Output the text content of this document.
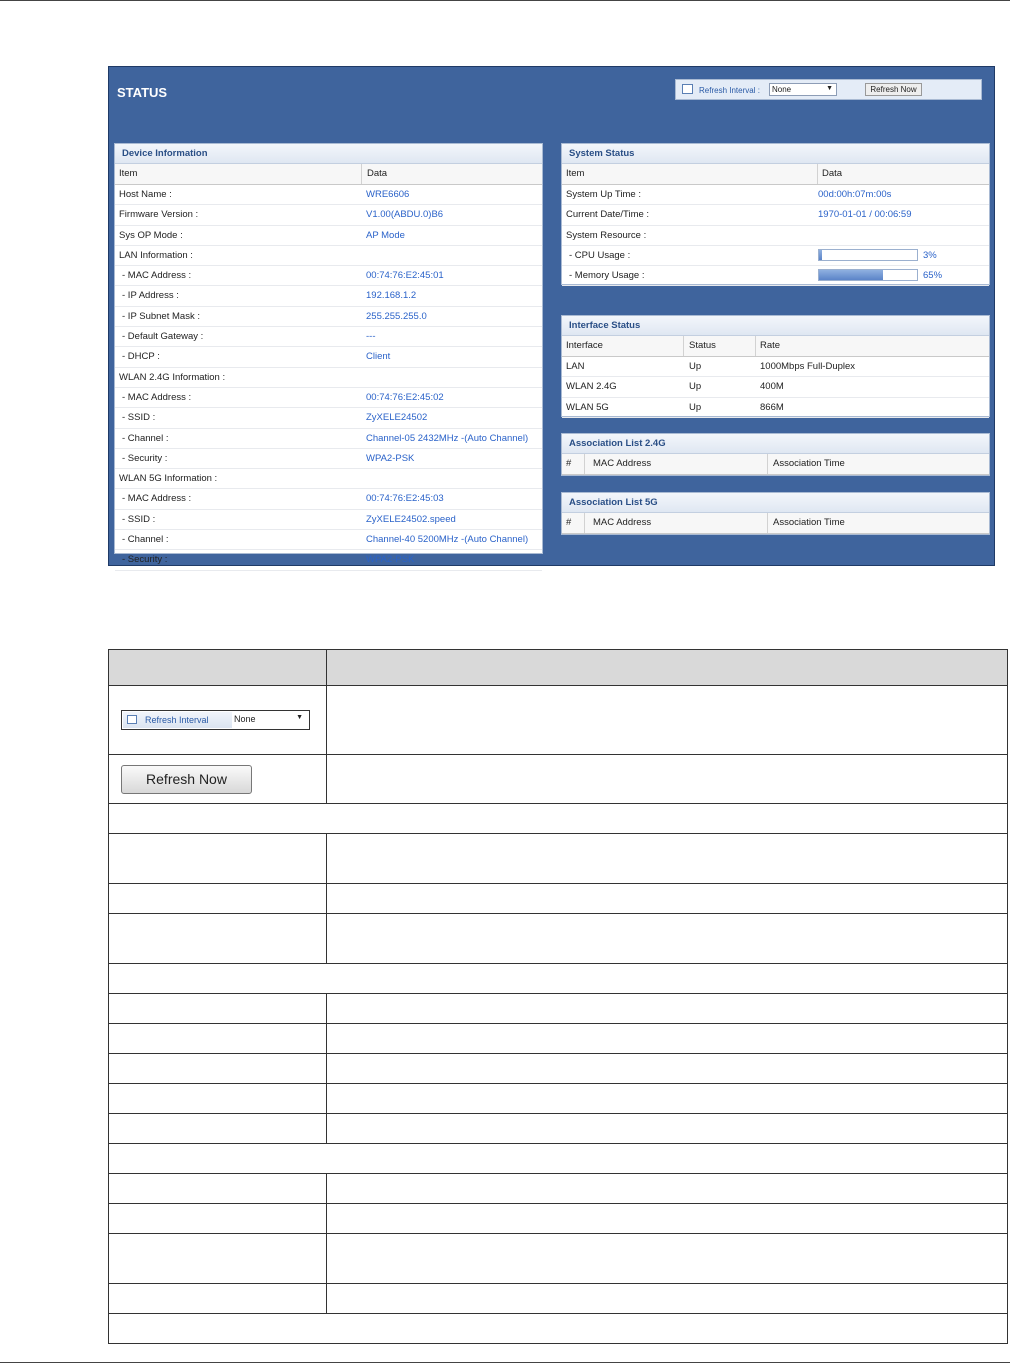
STATUS	Refresh Interval :	None	▼	Refresh Now
Device Information
Item	Data
Host Name :	WRE6606
Firmware Version :	V1.00(ABDU.0)B6
Sys OP Mode :	AP Mode
LAN Information :
- MAC Address :	00:74:76:E2:45:01
- IP Address :	192.168.1.2
- IP Subnet Mask :	255.255.255.0
- Default Gateway :	---
- DHCP :	Client
WLAN 2.4G Information :
- MAC Address :	00:74:76:E2:45:02
- SSID :	ZyXELE24502
- Channel :	Channel-05 2432MHz -(Auto Channel)
- Security :	WPA2-PSK
WLAN 5G Information :
- MAC Address :	00:74:76:E2:45:03
- SSID :	ZyXELE24502.speed
- Channel :	Channel-40 5200MHz -(Auto Channel)
- Security :	WPA2-PSK
System Status
Item	Data
System Up Time :	00d:00h:07m:00s
Current Date/Time :	1970-01-01 / 00:06:59
System Resource :
- CPU Usage :	3%
- Memory Usage :	65%
Interface Status
Interface	Status	Rate
LAN	Up	1000Mbps Full-Duplex
WLAN 2.4G	Up	400M
WLAN 5G	Up	866M
Association List 2.4G
# MAC Address	Association Time
Association List 5G
# MAC Address	Association Time

Refresh Interval None ▼	

Refresh Now	
